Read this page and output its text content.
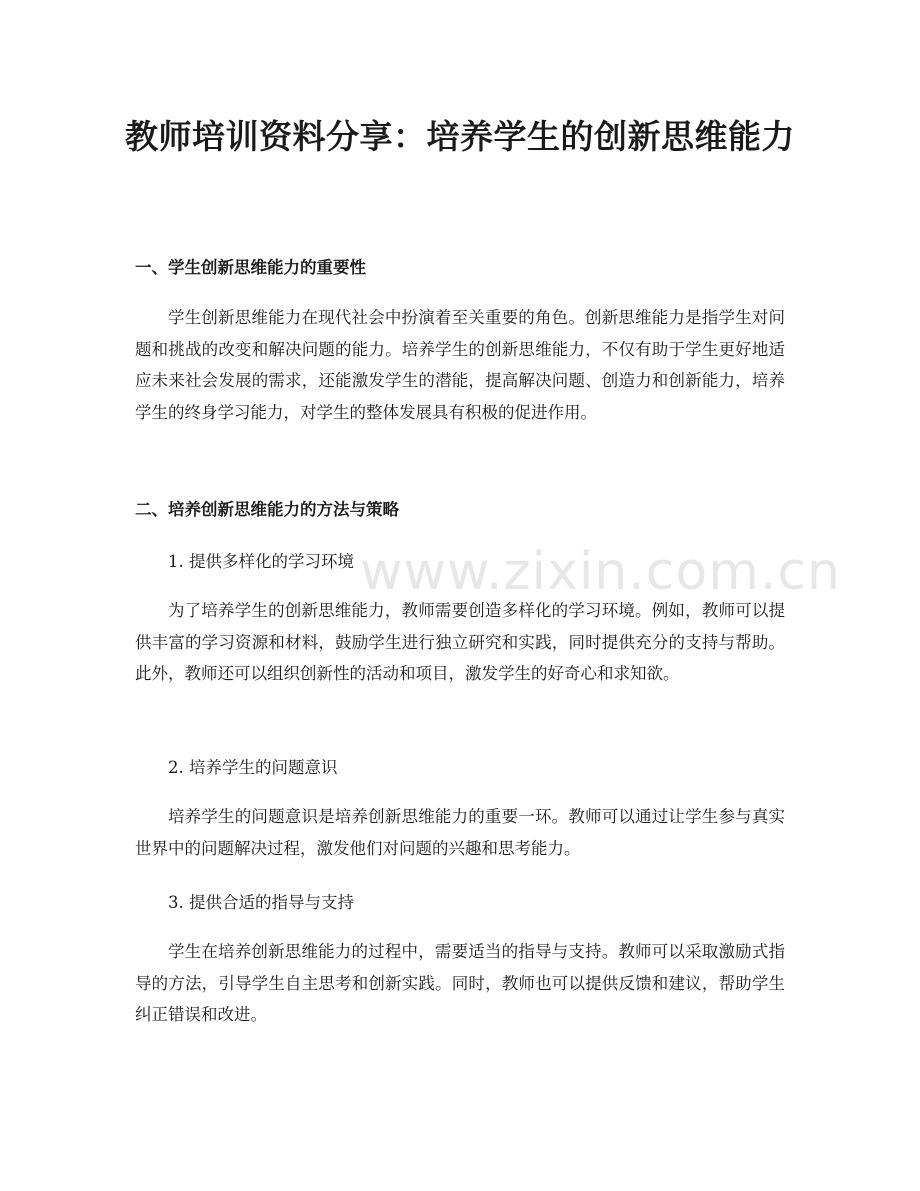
教师培训资料分享：培养学生的创新思维能力
一、学生创新思维能力的重要性
学生创新思维能力在现代社会中扮演着至关重要的角色。创新思维能力是指学生对问题和挑战的改变和解决问题的能力。培养学生的创新思维能力，不仅有助于学生更好地适应未来社会发展的需求，还能激发学生的潜能，提高解决问题、创造力和创新能力，培养学生的终身学习能力，对学生的整体发展具有积极的促进作用。
二、培养创新思维能力的方法与策略
1. 提供多样化的学习环境
为了培养学生的创新思维能力，教师需要创造多样化的学习环境。例如，教师可以提供丰富的学习资源和材料，鼓励学生进行独立研究和实践，同时提供充分的支持与帮助。此外，教师还可以组织创新性的活动和项目，激发学生的好奇心和求知欲。
2. 培养学生的问题意识
培养学生的问题意识是培养创新思维能力的重要一环。教师可以通过让学生参与真实世界中的问题解决过程，激发他们对问题的兴趣和思考能力。
3. 提供合适的指导与支持
学生在培养创新思维能力的过程中，需要适当的指导与支持。教师可以采取激励式指导的方法，引导学生自主思考和创新实践。同时，教师也可以提供反馈和建议，帮助学生纠正错误和改进。
www.zixin.com.cn
